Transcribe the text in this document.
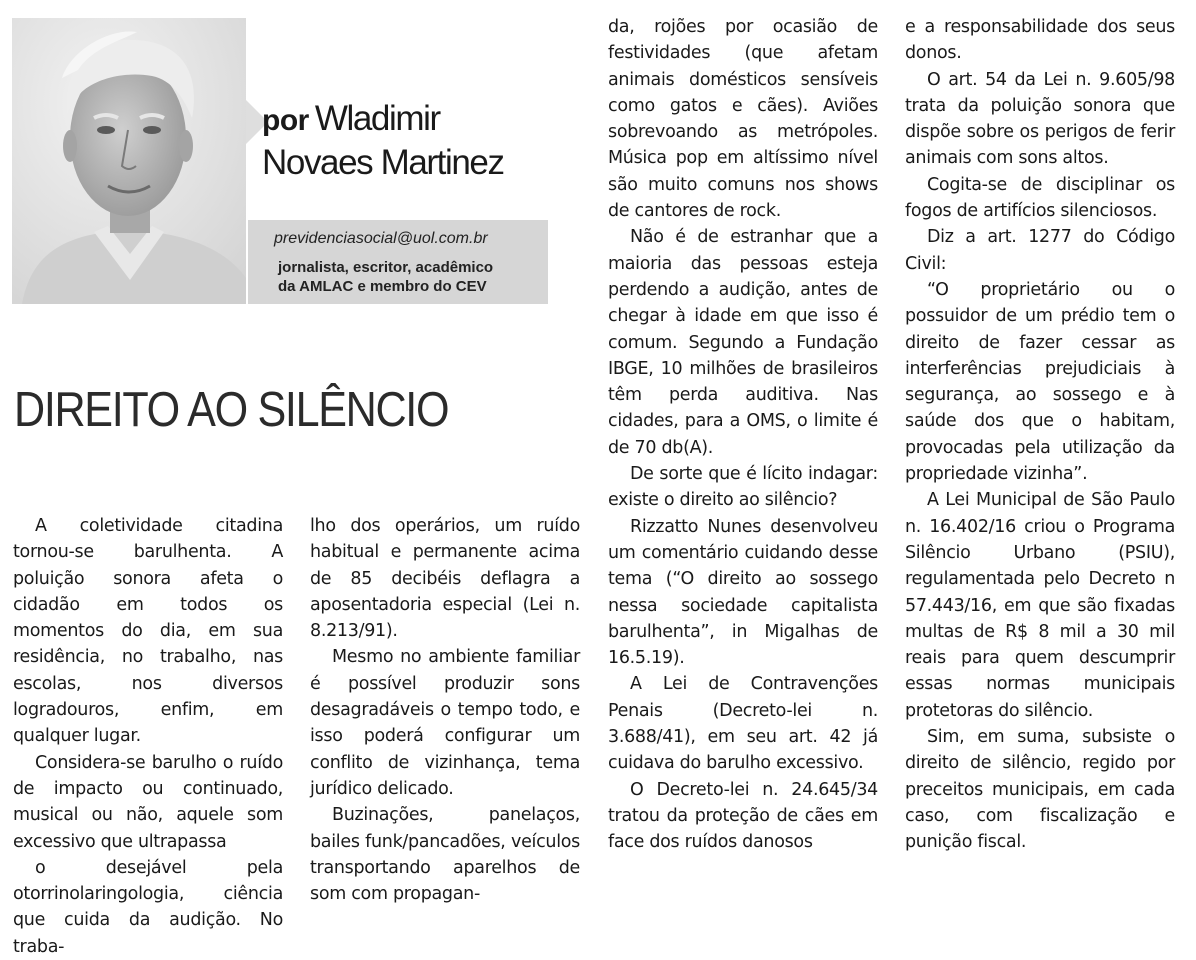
por Wladimir
Novaes Martinez
previdenciasocial@uol.com.br
jornalista, escritor, acadêmico
da AMLAC e membro do CEV
DIREITO AO SILÊNCIO

A coletividade citadina tornou-se barulhenta. A poluição sonora afeta o cidadão em todos os momentos do dia, em sua residência, no trabalho, nas escolas, nos diversos logradouros, enfim, em qualquer lugar.

Considera-se barulho o ruído de impacto ou continuado, musical ou não, aquele som excessivo que ultrapassa

o desejável pela otorrinolaringologia, ciência que cuida da audição. No traba-

lho dos operários, um ruído habitual e permanente acima de 85 decibéis deflagra a aposentadoria especial (Lei n. 8.213/91).

Mesmo no ambiente familiar é possível produzir sons desagradáveis o tempo todo, e isso poderá configurar um conflito de vizinhança, tema jurídico delicado.

Buzinações, panelaços, bailes funk/pancadões, veículos transportando aparelhos de som com propagan-

da, rojões por ocasião de festividades (que afetam animais domésticos sensíveis como gatos e cães). Aviões sobrevoando as metrópoles. Música pop em altíssimo nível são muito comuns nos shows de cantores de rock.

Não é de estranhar que a maioria das pessoas esteja perdendo a audição, antes de chegar à idade em que isso é comum. Segundo a Fundação IBGE, 10 milhões de brasileiros têm perda auditiva. Nas cidades, para a OMS, o limite é de 70 db(A).

De sorte que é lícito indagar: existe o direito ao silêncio?

Rizzatto Nunes desenvolveu um comentário cuidando desse tema (“O direito ao sossego nessa sociedade capitalista barulhenta”, in Migalhas de 16.5.19).

A Lei de Contravenções Penais (Decreto-lei n. 3.688/41), em seu art. 42 já cuidava do barulho excessivo.

O Decreto-lei n. 24.645/34 tratou da proteção de cães em face dos ruídos danosos

e a responsabilidade dos seus donos.

O art. 54 da Lei n. 9.605/98 trata da poluição sonora que dispõe sobre os perigos de ferir animais com sons altos.

Cogita-se de disciplinar os fogos de artifícios silenciosos.

Diz a art. 1277 do Código Civil:

“O proprietário ou o possuidor de um prédio tem o direito de fazer cessar as interferências prejudiciais à segurança, ao sossego e à saúde dos que o habitam, provocadas pela utilização da propriedade vizinha”.

A Lei Municipal de São Paulo n. 16.402/16 criou o Programa Silêncio Urbano (PSIU), regulamentada pelo Decreto n 57.443/16, em que são fixadas multas de R$ 8 mil a 30 mil reais para quem descumprir essas normas municipais protetoras do silêncio.

Sim, em suma, subsiste o direito de silêncio, regido por preceitos municipais, em cada caso, com fiscalização e punição fiscal.
